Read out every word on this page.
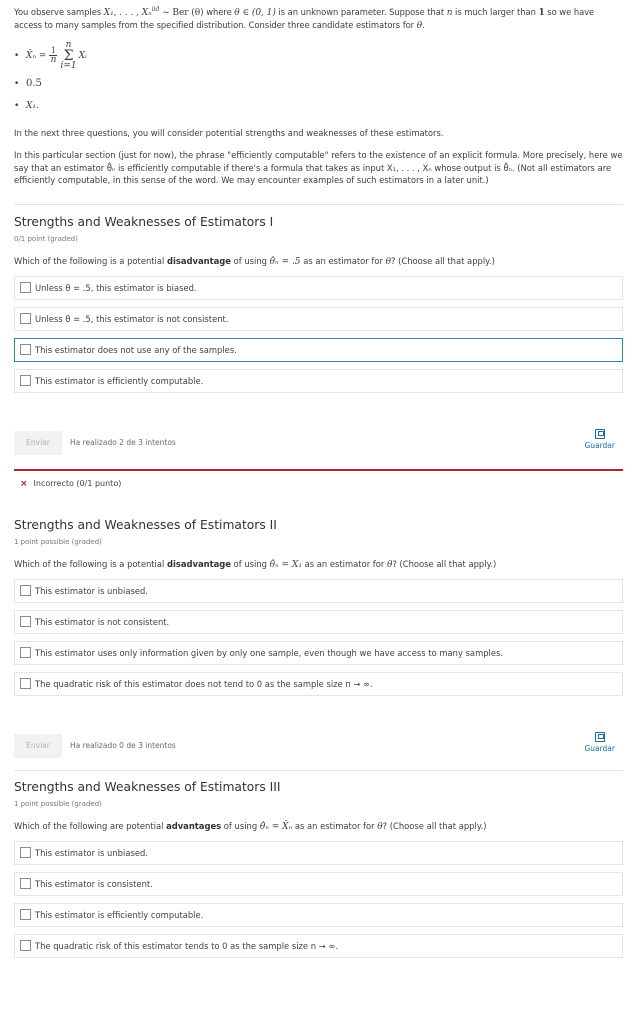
You observe samples X₁, . . . , Xₙ$^{iid}$ ~ Ber (θ) where θ ∈ (0, 1) is an unknown parameter. Suppose that n is much larger than 1 so we have

access to many samples from the specified distribution. Consider three candidate estimators for θ.

• X̄ₙ = $\frac{1}{n}$
n
Σ
i=1
Xᵢ
• 0.5
• X₁.
In the next three questions, you will consider potential strengths and weaknesses of these estimators.
In this particular section (just for now), the phrase "efficiently computable" refers to the existence of an explicit formula. More precisely, here we
say that an estimator θ̂ₙ is efficiently computable if there's a formula that takes as input X₁, . . . , Xₙ whose output is θ̂ₙ. (Not all estimators are
efficiently computable, in this sense of the word. We may encounter examples of such estimators in a later unit.)
Strengths and Weaknesses of Estimators I
0/1 point (graded)
Which of the following is a potential disadvantage of using θ̂ₙ = .5 as an estimator for θ? (Choose all that apply.)
Unless θ = .5, this estimator is biased.
Unless θ = .5, this estimator is not consistent.
This estimator does not use any of the samples.
This estimator is efficiently computable.
Enviar	Ha realizado 2 de 3 intentos	Guardar
× Incorrecto (0/1 punto)
Strengths and Weaknesses of Estimators II
1 point possible (graded)
Which of the following is a potential disadvantage of using θ̂ₙ = X₁ as an estimator for θ? (Choose all that apply.)
This estimator is unbiased.
This estimator is not consistent.
This estimator uses only information given by only one sample, even though we have access to many samples.
The quadratic risk of this estimator does not tend to 0 as the sample size n → ∞.
Enviar	Ha realizado 0 de 3 intentos	Guardar
Strengths and Weaknesses of Estimators III
1 point possible (graded)
Which of the following are potential advantages of using θ̂ₙ = X̄ₙ as an estimator for θ? (Choose all that apply.)
This estimator is unbiased.
This estimator is consistent.
This estimator is efficiently computable.
The quadratic risk of this estimator tends to 0 as the sample size n → ∞.
